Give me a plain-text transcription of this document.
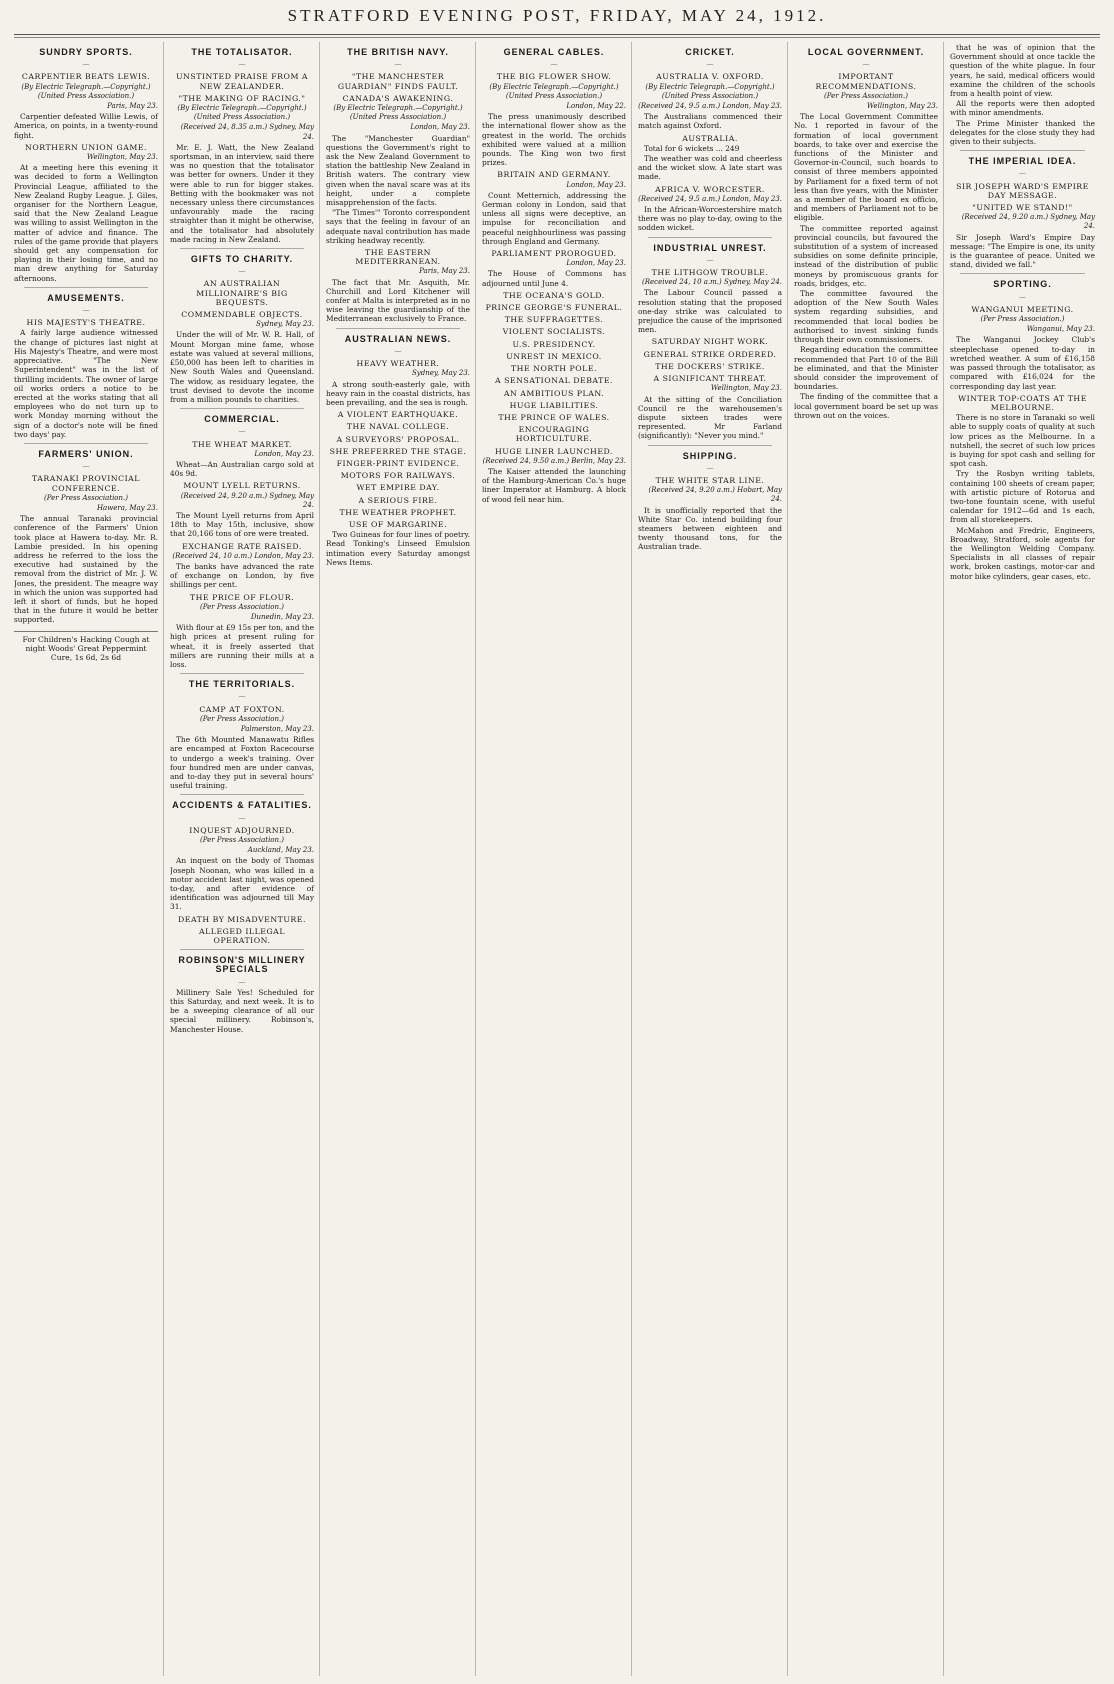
STRATFORD EVENING POST, FRIDAY, MAY 24, 1912.
SUNDRY SPORTS.
—
CARPENTIER BEATS LEWIS.
(By Electric Telegraph.—Copyright.) (United Press Association.)
Paris, May 23.
Carpentier defeated Willie Lewis, of America, on points, in a twenty-round fight.
NORTHERN UNION GAME.
Wellington, May 23.
At a meeting here this evening it was decided to form a Wellington Provincial League, affiliated to the New Zealand Rugby League. J. Giles, organiser for the Northern League, said that the New Zealand League was willing to assist Wellington in the matter of advice and finance. The rules of the game provide that players should get any compensation for playing in their losing time, and no man drew anything for Saturday afternoons.
AMUSEMENTS.
—
HIS MAJESTY'S THEATRE.
A fairly large audience witnessed the change of pictures last night at His Majesty's Theatre, and were most appreciative. "The New Superintendent" was in the list of thrilling incidents. The owner of large oil works orders a notice to be erected at the works stating that all employees who do not turn up to work Monday morning without the sign of a doctor's note will be fined two days' pay.
FARMERS' UNION.
—
TARANAKI PROVINCIAL CONFERENCE.
(Per Press Association.)
Hawera, May 23.
The annual Taranaki provincial conference of the Farmers' Union took place at Hawera to-day. Mr. R. Lambie presided. In his opening address he referred to the loss the executive had sustained by the removal from the district of Mr. J. W. Jones, the president. The meagre way in which the union was supported had left it short of funds, but he hoped that in the future it would be better supported.
For Children's Hacking Cough at night Woods' Great Peppermint Cure, 1s 6d, 2s 6d
THE TOTALISATOR.
—
UNSTINTED PRAISE FROM A NEW ZEALANDER.
"THE MAKING OF RACING."
(By Electric Telegraph.—Copyright.) (United Press Association.)
(Received 24, 8.35 a.m.) Sydney, May 24.
Mr. E. J. Watt, the New Zealand sportsman, in an interview, said there was no question that the totalisator was better for owners. Under it they were able to run for bigger stakes. Betting with the bookmaker was not necessary unless there circumstances unfavourably made the racing straighter than it might be otherwise, and the totalisator had absolutely made racing in New Zealand.
GIFTS TO CHARITY.
—
AN AUSTRALIAN MILLIONAIRE'S BIG BEQUESTS.
COMMENDABLE OBJECTS.
Sydney, May 23.
Under the will of Mr. W. R. Hall, of Mount Morgan mine fame, whose estate was valued at several millions, £50,000 has been left to charities in New South Wales and Queensland. The widow, as residuary legatee, the trust devised to devote the income from a million pounds to charities.
COMMERCIAL.
—
THE WHEAT MARKET.
London, May 23.
Wheat—An Australian cargo sold at 40s 9d.
MOUNT LYELL RETURNS.
(Received 24, 9.20 a.m.) Sydney, May 24.
The Mount Lyell returns from April 18th to May 15th, inclusive, show that 20,166 tons of ore were treated.
EXCHANGE RATE RAISED.
(Received 24, 10 a.m.) London, May 23.
The banks have advanced the rate of exchange on London, by five shillings per cent.
THE PRICE OF FLOUR.
(Per Press Association.)
Dunedin, May 23.
With flour at £9 15s per ton, and the high prices at present ruling for wheat, it is freely asserted that millers are running their mills at a loss.
THE TERRITORIALS.
—
CAMP AT FOXTON.
(Per Press Association.)
Palmerston, May 23.
The 6th Mounted Manawatu Rifles are encamped at Foxton Racecourse to undergo a week's training. Over four hundred men are under canvas, and to-day they put in several hours' useful training.
ACCIDENTS & FATALITIES.
—
INQUEST ADJOURNED.
(Per Press Association.)
Auckland, May 23.
An inquest on the body of Thomas Joseph Noonan, who was killed in a motor accident last night, was opened to-day, and after evidence of identification was adjourned till May 31.
DEATH BY MISADVENTURE.
ALLEGED ILLEGAL OPERATION.
ROBINSON'S MILLINERY SPECIALS
—
Millinery Sale Yes! Scheduled for this Saturday, and next week. It is to be a sweeping clearance of all our special millinery. Robinson's, Manchester House.
THE BRITISH NAVY.
—
"THE MANCHESTER GUARDIAN" FINDS FAULT.
CANADA'S AWAKENING.
(By Electric Telegraph.—Copyright.) (United Press Association.)
London, May 23.
The "Manchester Guardian" questions the Government's right to ask the New Zealand Government to station the battleship New Zealand in British waters. The contrary view given when the naval scare was at its height, under a complete misapprehension of the facts.
"The Times'" Toronto correspondent says that the feeling in favour of an adequate naval contribution has made striking headway recently.
THE EASTERN MEDITERRANEAN.
Paris, May 23.
The fact that Mr. Asquith, Mr. Churchill and Lord Kitchener will confer at Malta is interpreted as in no wise leaving the guardianship of the Mediterranean exclusively to France.
AUSTRALIAN NEWS.
—
HEAVY WEATHER.
Sydney, May 23.
A strong south-easterly gale, with heavy rain in the coastal districts, has been prevailing, and the sea is rough.
A VIOLENT EARTHQUAKE.
THE NAVAL COLLEGE.
A SURVEYORS' PROPOSAL.
SHE PREFERRED THE STAGE.
FINGER-PRINT EVIDENCE.
MOTORS FOR RAILWAYS.
WET EMPIRE DAY.
A SERIOUS FIRE.
THE WEATHER PROPHET.
USE OF MARGARINE.
Two Guineas for four lines of poetry. Read Tonking's Linseed Emulsion intimation every Saturday amongst News Items.
GENERAL CABLES.
—
THE BIG FLOWER SHOW.
(By Electric Telegraph.—Copyright.) (United Press Association.)
London, May 22.
The press unanimously described the international flower show as the greatest in the world. The orchids exhibited were valued at a million pounds. The King won two first prizes.
BRITAIN AND GERMANY.
London, May 23.
Count Metternich, addressing the German colony in London, said that unless all signs were deceptive, an impulse for reconciliation and peaceful neighbourliness was passing through England and Germany.
PARLIAMENT PROROGUED.
London, May 23.
The House of Commons has adjourned until June 4.
THE OCEANA'S GOLD.
PRINCE GEORGE'S FUNERAL.
THE SUFFRAGETTES.
VIOLENT SOCIALISTS.
U.S. PRESIDENCY.
UNREST IN MEXICO.
THE NORTH POLE.
A SENSATIONAL DEBATE.
AN AMBITIOUS PLAN.
HUGE LIABILITIES.
THE PRINCE OF WALES.
ENCOURAGING HORTICULTURE.
HUGE LINER LAUNCHED.
(Received 24, 9.50 a.m.) Berlin, May 23.
The Kaiser attended the launching of the Hamburg-American Co.'s huge liner Imperator at Hamburg. A block of wood fell near him.
CRICKET.
—
AUSTRALIA V. OXFORD.
(By Electric Telegraph.—Copyright.) (United Press Association.)
(Received 24, 9.5 a.m.) London, May 23.
The Australians commenced their match against Oxford.
AUSTRALIA.
Total for 6 wickets ... 249
The weather was cold and cheerless and the wicket slow. A late start was made.
AFRICA V. WORCESTER.
(Received 24, 9.5 a.m.) London, May 23.
In the African-Worcestershire match there was no play to-day, owing to the sodden wicket.
INDUSTRIAL UNREST.
—
THE LITHGOW TROUBLE.
(Received 24, 10 a.m.) Sydney, May 24.
The Labour Council passed a resolution stating that the proposed one-day strike was calculated to prejudice the cause of the imprisoned men.
SATURDAY NIGHT WORK.
GENERAL STRIKE ORDERED.
THE DOCKERS' STRIKE.
A SIGNIFICANT THREAT.
Wellington, May 23.
At the sitting of the Conciliation Council re the warehousemen's dispute sixteen trades were represented. Mr Farland (significantly): "Never you mind."
SHIPPING.
—
THE WHITE STAR LINE.
(Received 24, 9.20 a.m.) Hobart, May 24.
It is unofficially reported that the White Star Co. intend building four steamers between eighteen and twenty thousand tons, for the Australian trade.
LOCAL GOVERNMENT.
—
IMPORTANT RECOMMENDATIONS.
(Per Press Association.)
Wellington, May 23.
The Local Government Committee No. 1 reported in favour of the formation of local government boards, to take over and exercise the functions of the Minister and Governor-in-Council, such boards to consist of three members appointed by Parliament for a fixed term of not less than five years, with the Minister as a member of the board ex officio, and members of Parliament not to be eligible.
The committee reported against provincial councils, but favoured the substitution of a system of increased subsidies on some definite principle, instead of the distribution of public moneys by promiscuous grants for roads, bridges, etc.
The committee favoured the adoption of the New South Wales system regarding subsidies, and recommended that local bodies be authorised to invest sinking funds through their own commissioners.
Regarding education the committee recommended that Part 10 of the Bill be eliminated, and that the Minister should consider the improvement of boundaries.
The finding of the committee that a local government board be set up was thrown out on the voices.
that he was of opinion that the Government should at once tackle the question of the white plague. In four years, he said, medical officers would examine the children of the schools from a health point of view.
All the reports were then adopted with minor amendments.
The Prime Minister thanked the delegates for the close study they had given to their subjects.
THE IMPERIAL IDEA.
—
SIR JOSEPH WARD'S EMPIRE DAY MESSAGE.
"UNITED WE STAND!"
(Received 24, 9.20 a.m.) Sydney, May 24.
Sir Joseph Ward's Empire Day message: "The Empire is one, its unity is the guarantee of peace. United we stand, divided we fall."
SPORTING.
—
WANGANUI MEETING.
(Per Press Association.)
Wanganui, May 23.
The Wanganui Jockey Club's steeplechase opened to-day in wretched weather. A sum of £16,158 was passed through the totalisator, as compared with £16,024 for the corresponding day last year.
WINTER TOP-COATS AT THE MELBOURNE.
There is no store in Taranaki so well able to supply coats of quality at such low prices as the Melbourne. In a nutshell, the secret of such low prices is buying for spot cash and selling for spot cash.
Try the Rosbyn writing tablets, containing 100 sheets of cream paper, with artistic picture of Rotorua and two-tone fountain scene, with useful calendar for 1912—6d and 1s each, from all storekeepers.
McMahon and Fredric, Engineers, Broadway, Stratford, sole agents for the Wellington Welding Company. Specialists in all classes of repair work, broken castings, motor-car and motor bike cylinders, gear cases, etc.
